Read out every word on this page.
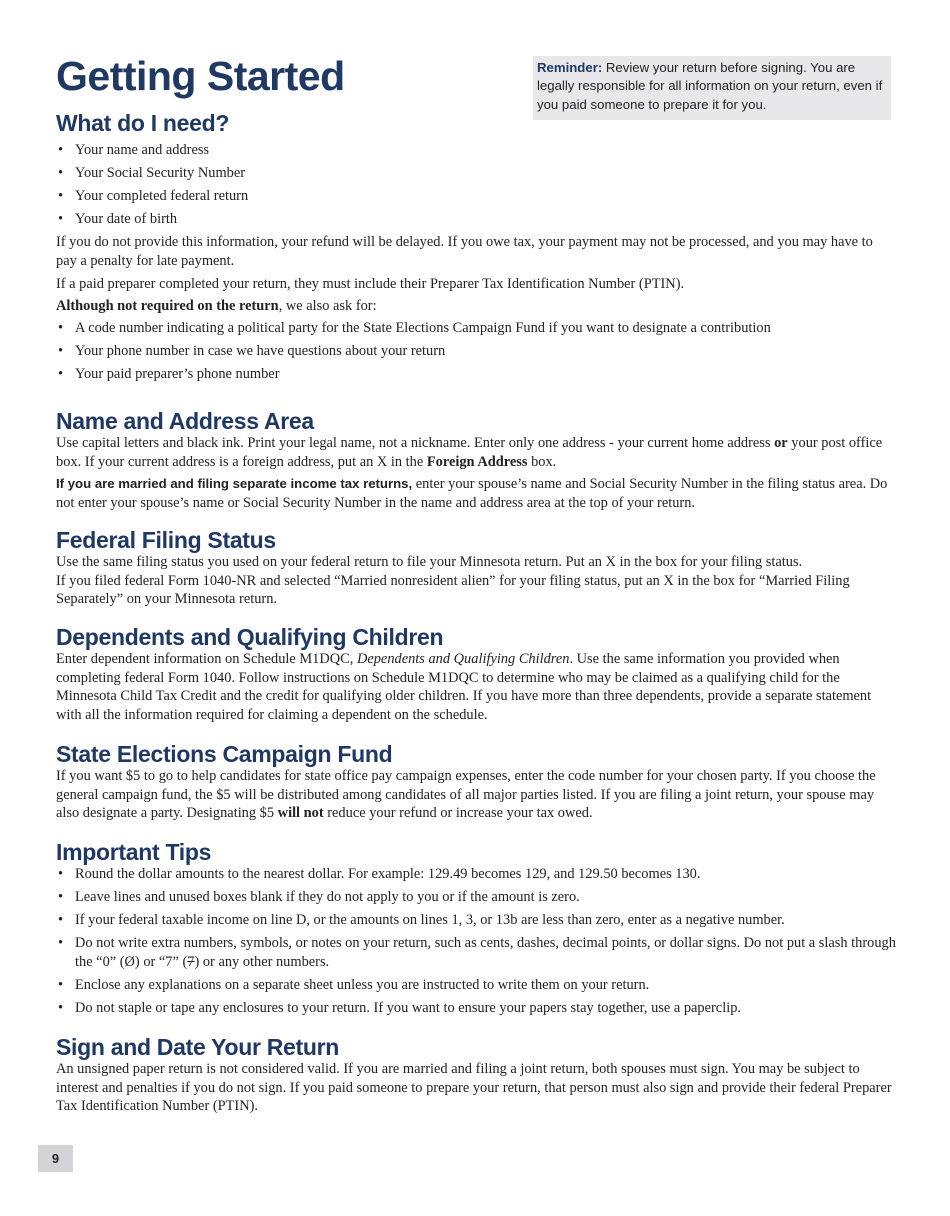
Getting Started	Reminder: Review your return before signing. You are legally responsible for all information on your return, even if you paid someone to prepare it for you.
What do I need?
• Your name and address
• Your Social Security Number
• Your completed federal return
• Your date of birth

If you do not provide this information, your refund will be delayed. If you owe tax, your payment may not be processed, and you may have to pay a penalty for late payment.

If a paid preparer completed your return, they must include their Preparer Tax Identification Number (PTIN).

Although not required on the return, we also ask for:

• A code number indicating a political party for the State Elections Campaign Fund if you want to designate a contribution
• Your phone number in case we have questions about your return
• Your paid preparer’s phone number
Name and Address Area

Use capital letters and black ink. Print your legal name, not a nickname. Enter only one address - your current home address or your post office box. If your current address is a foreign address, put an X in the Foreign Address box.

If you are married and filing separate income tax returns, enter your spouse’s name and Social Security Number in the filing status area. Do not enter your spouse’s name or Social Security Number in the name and address area at the top of your return.

Federal Filing Status

Use the same filing status you used on your federal return to file your Minnesota return. Put an X in the box for your filing status.

If you filed federal Form 1040-NR and selected “Married nonresident alien” for your filing status, put an X in the box for “Married Filing Separately” on your Minnesota return.

Dependents and Qualifying Children

Enter dependent information on Schedule M1DQC, Dependents and Qualifying Children. Use the same information you provided when completing federal Form 1040. Follow instructions on Schedule M1DQC to determine who may be claimed as a qualifying child for the Minnesota Child Tax Credit and the credit for qualifying older children. If you have more than three dependents, provide a separate statement with all the information required for claiming a dependent on the schedule.

State Elections Campaign Fund

If you want $5 to go to help candidates for state office pay campaign expenses, enter the code number for your chosen party. If you choose the general campaign fund, the $5 will be distributed among candidates of all major parties listed. If you are filing a joint return, your spouse may also designate a party. Designating $5 will not reduce your refund or increase your tax owed.

Important Tips
• Round the dollar amounts to the nearest dollar. For example: 129.49 becomes 129, and 129.50 becomes 130.
• Leave lines and unused boxes blank if they do not apply to you or if the amount is zero.
• If your federal taxable income on line D, or the amounts on lines 1, 3, or 13b are less than zero, enter as a negative number.
• Do not write extra numbers, symbols, or notes on your return, such as cents, dashes, decimal points, or dollar signs. Do not put a slash through the “0” (Ø) or “7” (7) or any other numbers.
• Enclose any explanations on a separate sheet unless you are instructed to write them on your return.
• Do not staple or tape any enclosures to your return. If you want to ensure your papers stay together, use a paperclip.
Sign and Date Your Return

An unsigned paper return is not considered valid. If you are married and filing a joint return, both spouses must sign. You may be subject to interest and penalties if you do not sign. If you paid someone to prepare your return, that person must also sign and provide their federal Preparer Tax Identification Number (PTIN).

9
